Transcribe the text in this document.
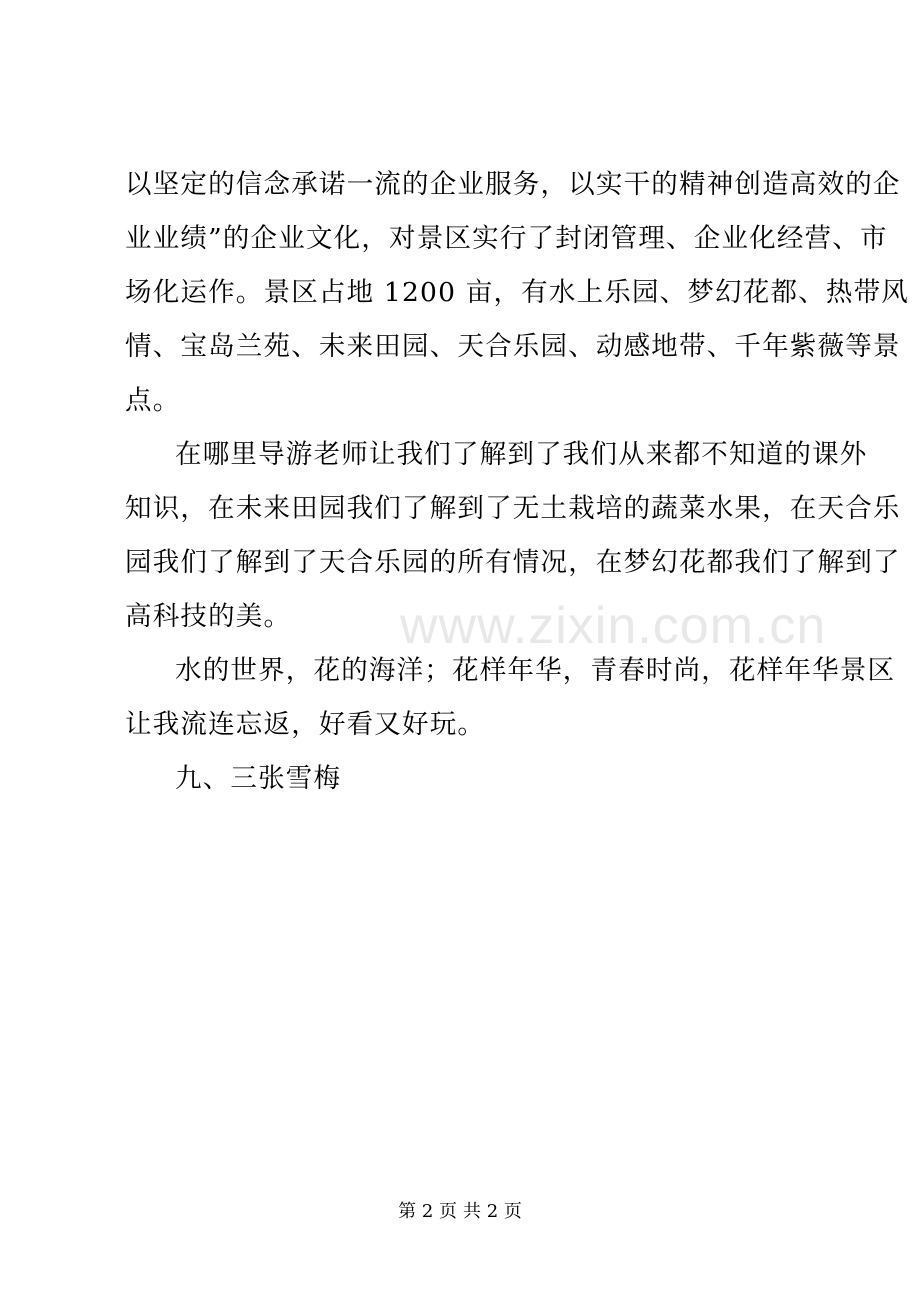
以坚定的信念承诺一流的企业服务，以实干的精神创造高效的企
业业绩”的企业文化，对景区实行了封闭管理、企业化经营、市
场化运作。景区占地 1200 亩，有水上乐园、梦幻花都、热带风
情、宝岛兰苑、未来田园、天合乐园、动感地带、千年紫薇等景
点。
在哪里导游老师让我们了解到了我们从来都不知道的课外
知识，在未来田园我们了解到了无土栽培的蔬菜水果，在天合乐
园我们了解到了天合乐园的所有情况，在梦幻花都我们了解到了
高科技的美。
水的世界，花的海洋；花样年华，青春时尚，花样年华景区
让我流连忘返，好看又好玩。
九、三张雪梅
www.zixin.com.cn
第 2 页 共 2 页
